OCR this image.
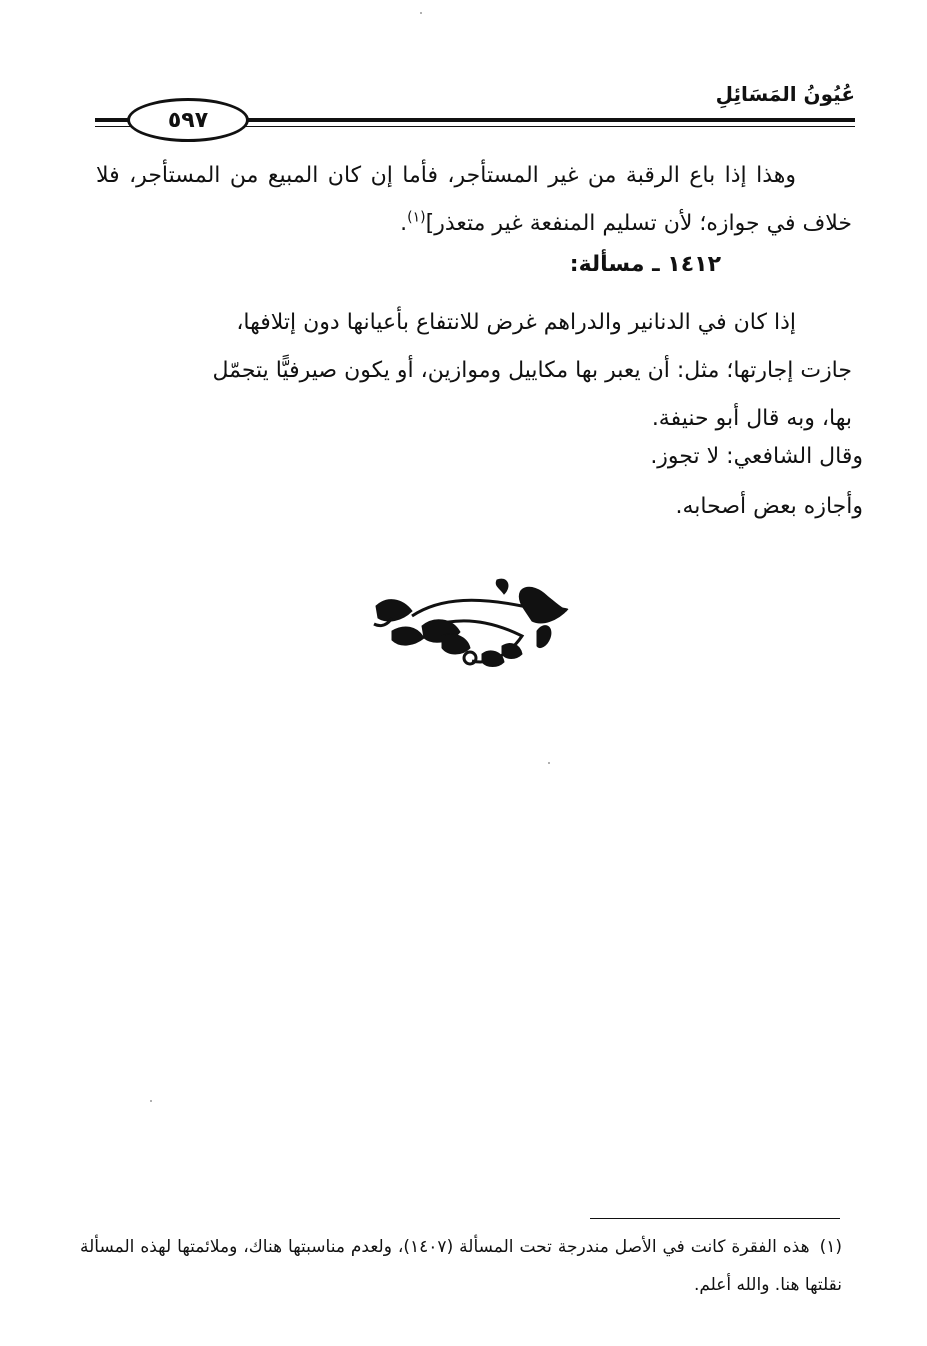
عُيُونُ المَسَائِلِ
٥٩٧
وهذا إذا باع الرقبة من غير المستأجر، فأما إن كان المبيع من المستأجر، فلا خلاف في جوازه؛ لأن تسليم المنفعة غير متعذر]$^{(١)}$.
١٤١٢ ـ مسألة:
إذا كان في الدنانير والدراهم غرض للانتفاع بأعيانها دون إتلافها،
جازت إجارتها؛ مثل: أن يعبر بها مكاييل وموازين، أو يكون صيرفيًّا يتجمّل
بها، وبه قال أبو حنيفة.
وقال الشافعي: لا تجوز.
وأجازه بعض أصحابه.
(١)هذه الفقرة كانت في الأصل مندرجة تحت المسألة (١٤٠٧)، ولعدم مناسبتها هناك، وملائمتها لهذه المسألة نقلتها هنا. والله أعلم.
